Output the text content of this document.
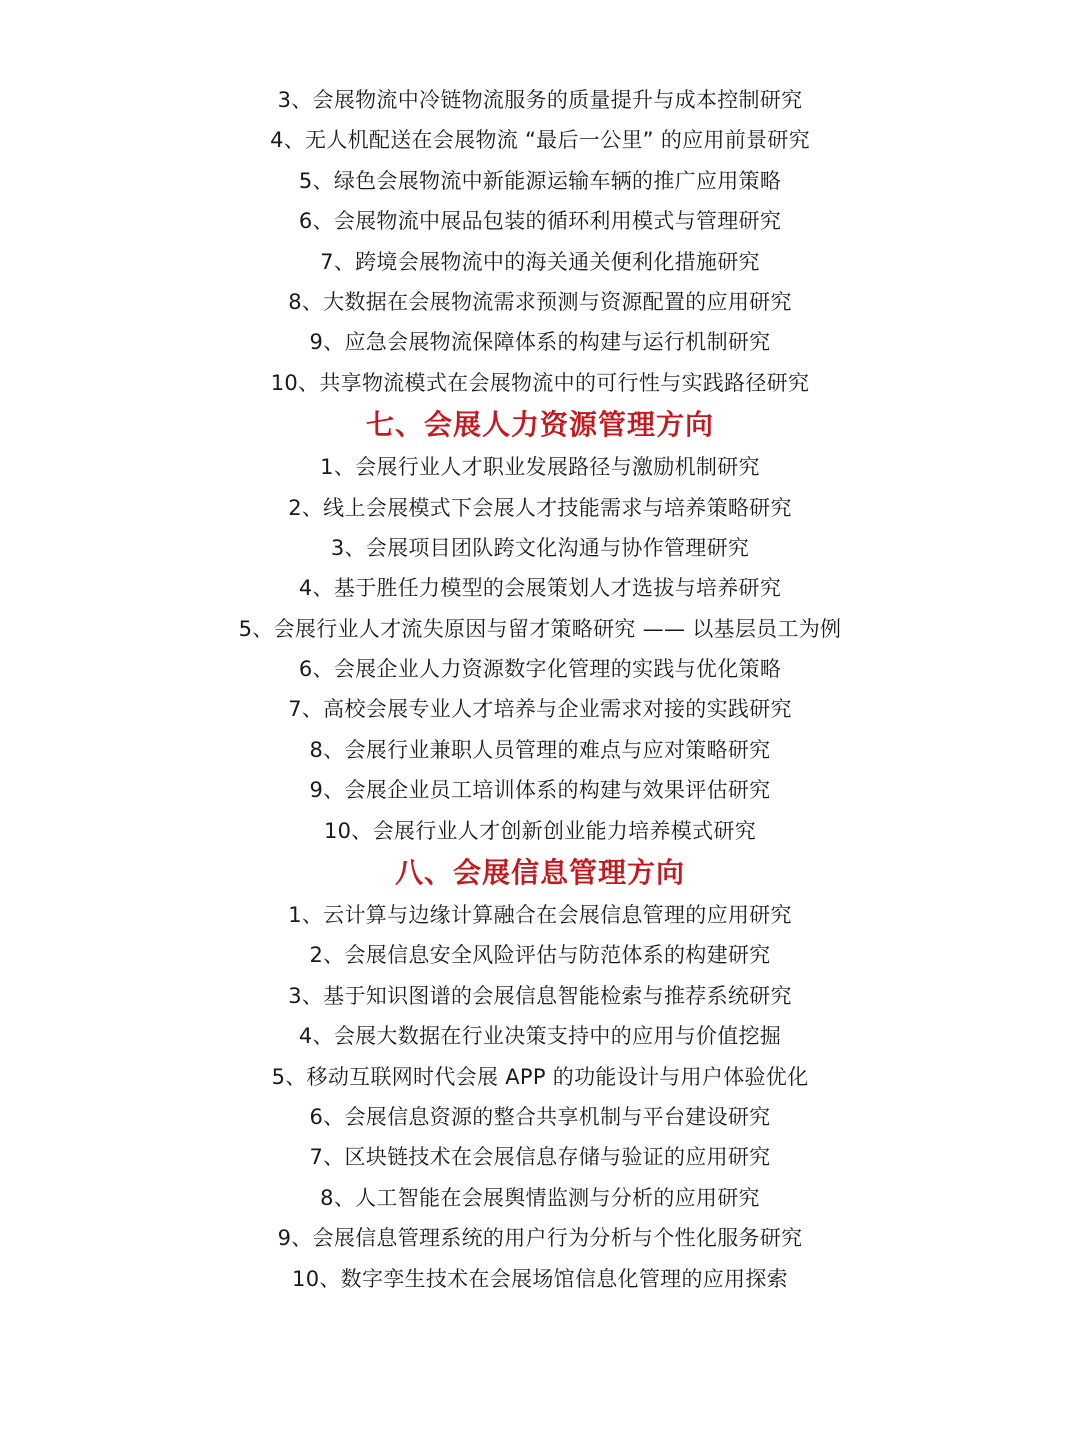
3、会展物流中冷链物流服务的质量提升与成本控制研究
4、无人机配送在会展物流 “最后一公里” 的应用前景研究
5、绿色会展物流中新能源运输车辆的推广应用策略
6、会展物流中展品包装的循环利用模式与管理研究
7、跨境会展物流中的海关通关便利化措施研究
8、大数据在会展物流需求预测与资源配置的应用研究
9、应急会展物流保障体系的构建与运行机制研究
10、共享物流模式在会展物流中的可行性与实践路径研究
七、会展人力资源管理方向
1、会展行业人才职业发展路径与激励机制研究
2、线上会展模式下会展人才技能需求与培养策略研究
3、会展项目团队跨文化沟通与协作管理研究
4、基于胜任力模型的会展策划人才选拔与培养研究
5、会展行业人才流失原因与留才策略研究 —— 以基层员工为例
6、会展企业人力资源数字化管理的实践与优化策略
7、高校会展专业人才培养与企业需求对接的实践研究
8、会展行业兼职人员管理的难点与应对策略研究
9、会展企业员工培训体系的构建与效果评估研究
10、会展行业人才创新创业能力培养模式研究
八、会展信息管理方向
1、云计算与边缘计算融合在会展信息管理的应用研究
2、会展信息安全风险评估与防范体系的构建研究
3、基于知识图谱的会展信息智能检索与推荐系统研究
4、会展大数据在行业决策支持中的应用与价值挖掘
5、移动互联网时代会展 APP 的功能设计与用户体验优化
6、会展信息资源的整合共享机制与平台建设研究
7、区块链技术在会展信息存储与验证的应用研究
8、人工智能在会展舆情监测与分析的应用研究
9、会展信息管理系统的用户行为分析与个性化服务研究
10、数字孪生技术在会展场馆信息化管理的应用探索
